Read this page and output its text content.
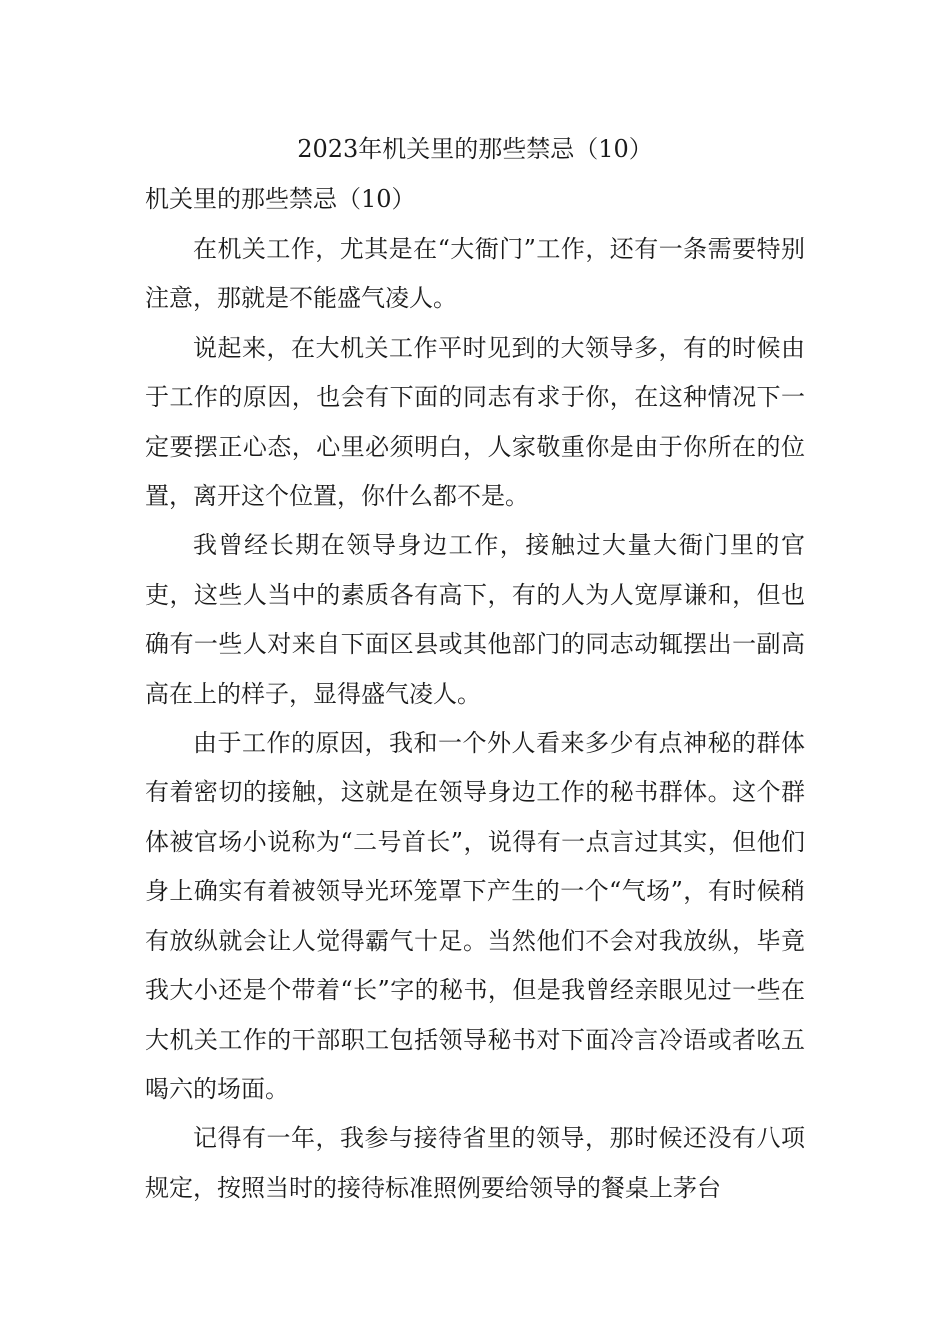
2023年机关里的那些禁忌（10）
机关里的那些禁忌（10）

在机关工作，尤其是在“大衙门”工作，还有一条需要特别注意，那就是不能盛气凌人。

说起来，在大机关工作平时见到的大领导多，有的时候由于工作的原因，也会有下面的同志有求于你，在这种情况下一定要摆正心态，心里必须明白，人家敬重你是由于你所在的位置，离开这个位置，你什么都不是。

我曾经长期在领导身边工作，接触过大量大衙门里的官吏，这些人当中的素质各有高下，有的人为人宽厚谦和，但也确有一些人对来自下面区县或其他部门的同志动辄摆出一副高高在上的样子，显得盛气凌人。

由于工作的原因，我和一个外人看来多少有点神秘的群体有着密切的接触，这就是在领导身边工作的秘书群体。这个群体被官场小说称为“二号首长”，说得有一点言过其实，但他们身上确实有着被领导光环笼罩下产生的一个“气场”，有时候稍有放纵就会让人觉得霸气十足。当然他们不会对我放纵，毕竟我大小还是个带着“长”字的秘书，但是我曾经亲眼见过一些在大机关工作的干部职工包括领导秘书对下面冷言冷语或者吆五喝六的场面。

记得有一年，我参与接待省里的领导，那时候还没有八项规定，按照当时的接待标准照例要给领导的餐桌上茅台
